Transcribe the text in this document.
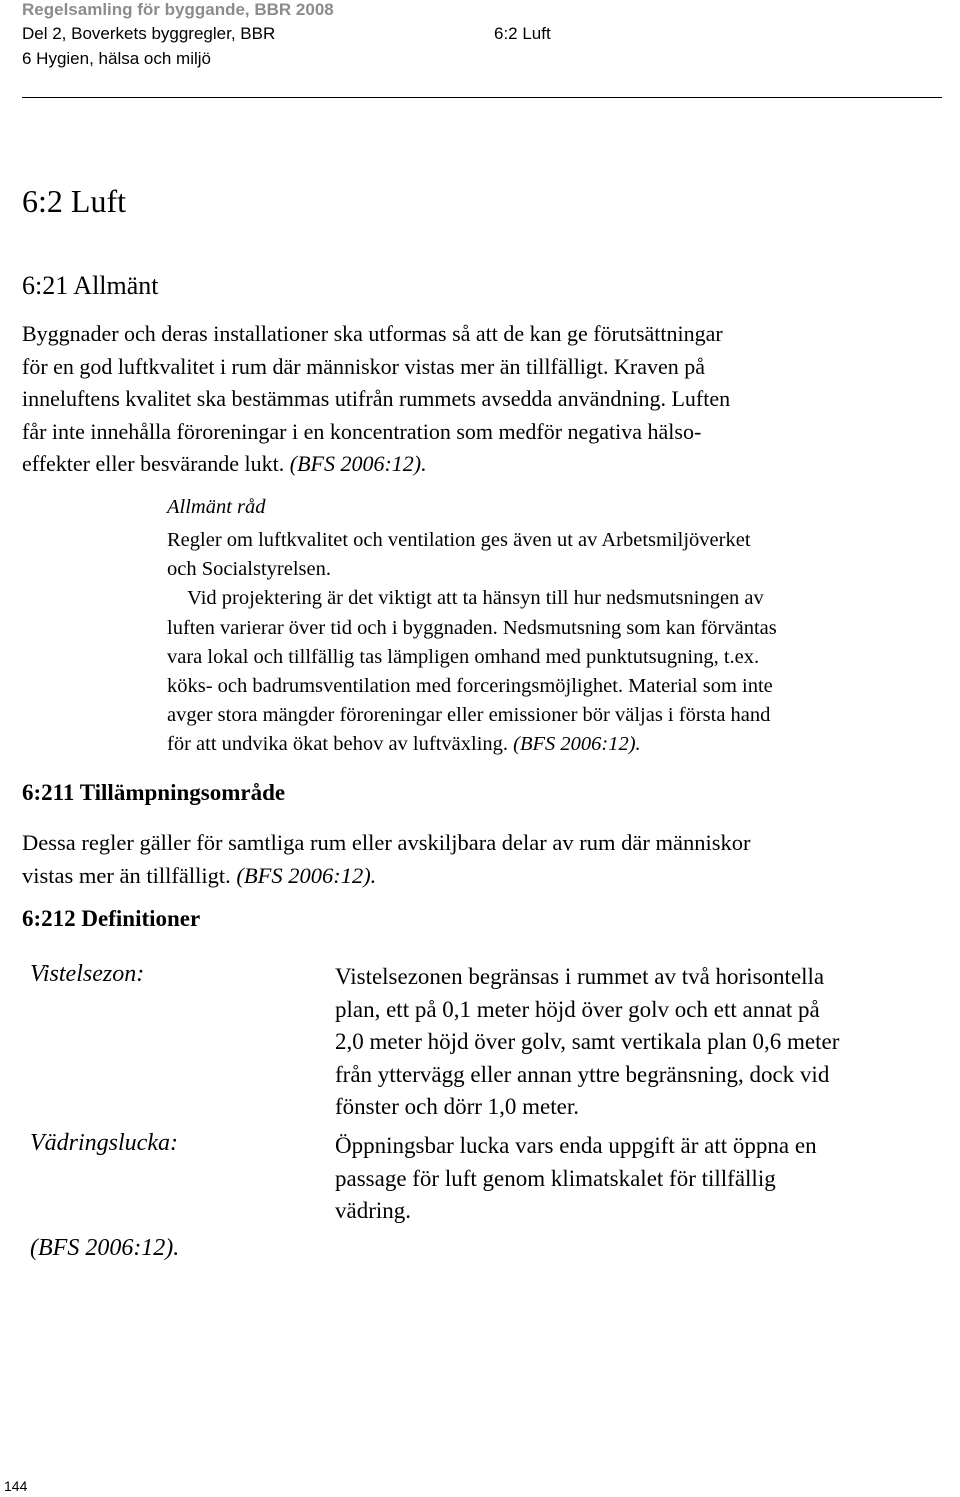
Regelsamling för byggande, BBR 2008
Del 2, Boverkets byggregler, BBR
6 Hygien, hälsa och miljö
6:2 Luft
6:2 Luft
6:21 Allmänt
Byggnader och deras installationer ska utformas så att de kan ge förutsättningar
för en god luftkvalitet i rum där människor vistas mer än tillfälligt. Kraven på
inneluftens kvalitet ska bestämmas utifrån rummets avsedda användning. Luften
får inte innehålla föroreningar i en koncentration som medför negativa hälso-
effekter eller besvärande lukt. (BFS 2006:12).
Allmänt råd
Regler om luftkvalitet och ventilation ges även ut av Arbetsmiljöverket
och Socialstyrelsen.
Vid projektering är det viktigt att ta hänsyn till hur nedsmutsningen av
luften varierar över tid och i byggnaden. Nedsmutsning som kan förväntas
vara lokal och tillfällig tas lämpligen omhand med punktutsugning, t.ex.
köks- och badrumsventilation med forceringsmöjlighet. Material som inte
avger stora mängder föroreningar eller emissioner bör väljas i första hand
för att undvika ökat behov av luftväxling. (BFS 2006:12).
6:211 Tillämpningsområde
Dessa regler gäller för samtliga rum eller avskiljbara delar av rum där människor
vistas mer än tillfälligt. (BFS 2006:12).
6:212 Definitioner
Vistelsezon:	Vistelsezonen begränsas i rummet av två horisontella
plan, ett på 0,1 meter höjd över golv och ett annat på
2,0 meter höjd över golv, samt vertikala plan 0,6 meter
från yttervägg eller annan yttre begränsning, dock vid
fönster och dörr 1,0 meter.
Vädringslucka:	Öppningsbar lucka vars enda uppgift är att öppna en
passage för luft genom klimatskalet för tillfällig
vädring.
(BFS 2006:12).
144
